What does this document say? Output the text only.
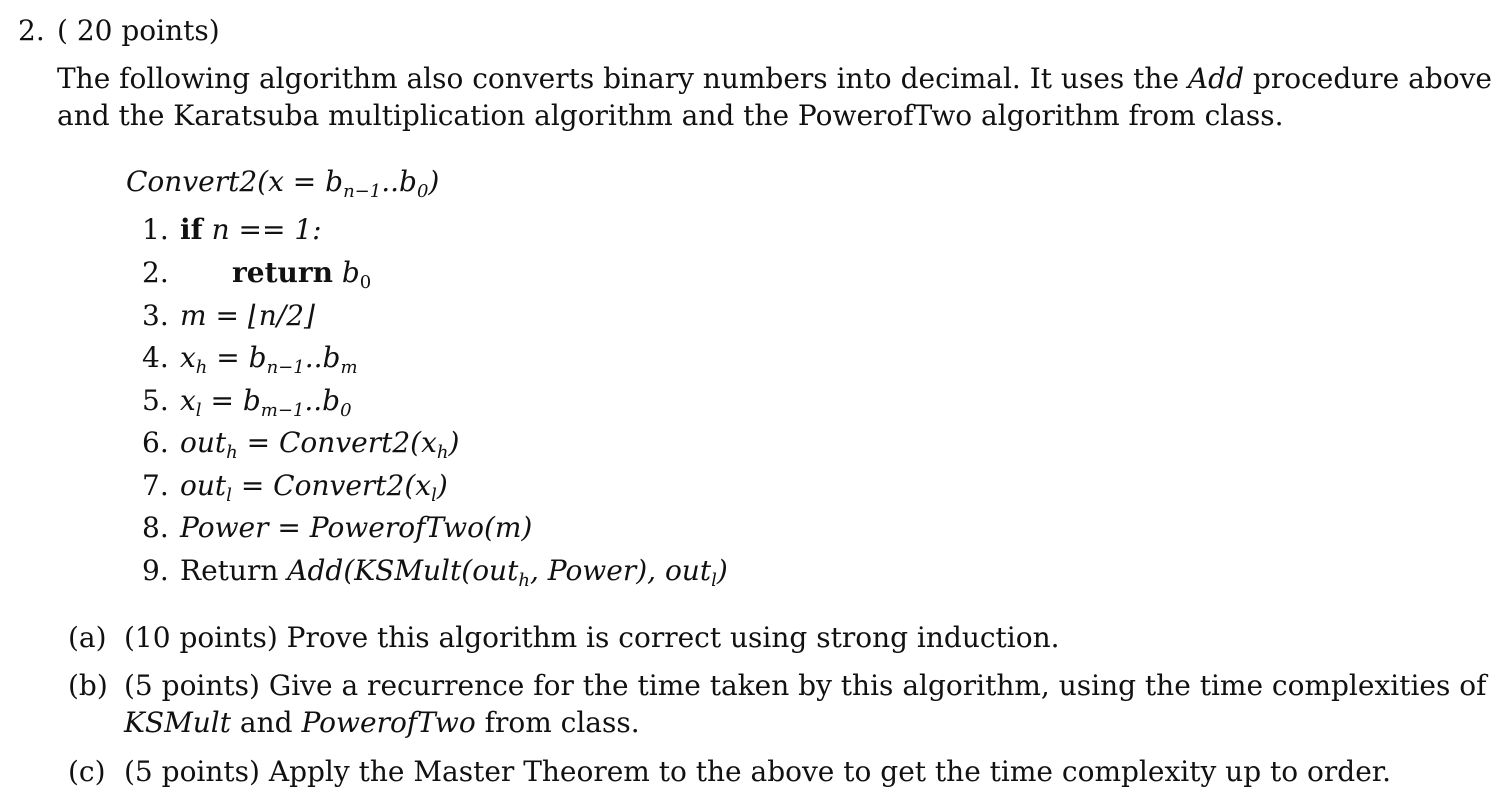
2. ( 20 points)
The following algorithm also converts binary numbers into decimal. It uses the Add procedure above
and the Karatsuba multiplication algorithm and the PowerofTwo algorithm from class.
Convert2(x = $b_{n-1}..b_0$)
1. if n == 1:
2. return $b_0$
3. m = ⌊n/2⌋
4. $x_h = b_{n-1}..b_m$
5. $x_l = b_{m-1}..b_0$
6. $out_h = Convert2(x_h)$
7. $out_l = Convert2(x_l)$
8. Power = PowerofTwo(m)
9. Return Add(KSMult(out$_h$, Power), out$_l$)
(a) (10 points) Prove this algorithm is correct using strong induction.
(b) (5 points) Give a recurrence for the time taken by this algorithm, using the time complexities of
KSMult and PowerofTwo from class.
(c) (5 points) Apply the Master Theorem to the above to get the time complexity up to order.
